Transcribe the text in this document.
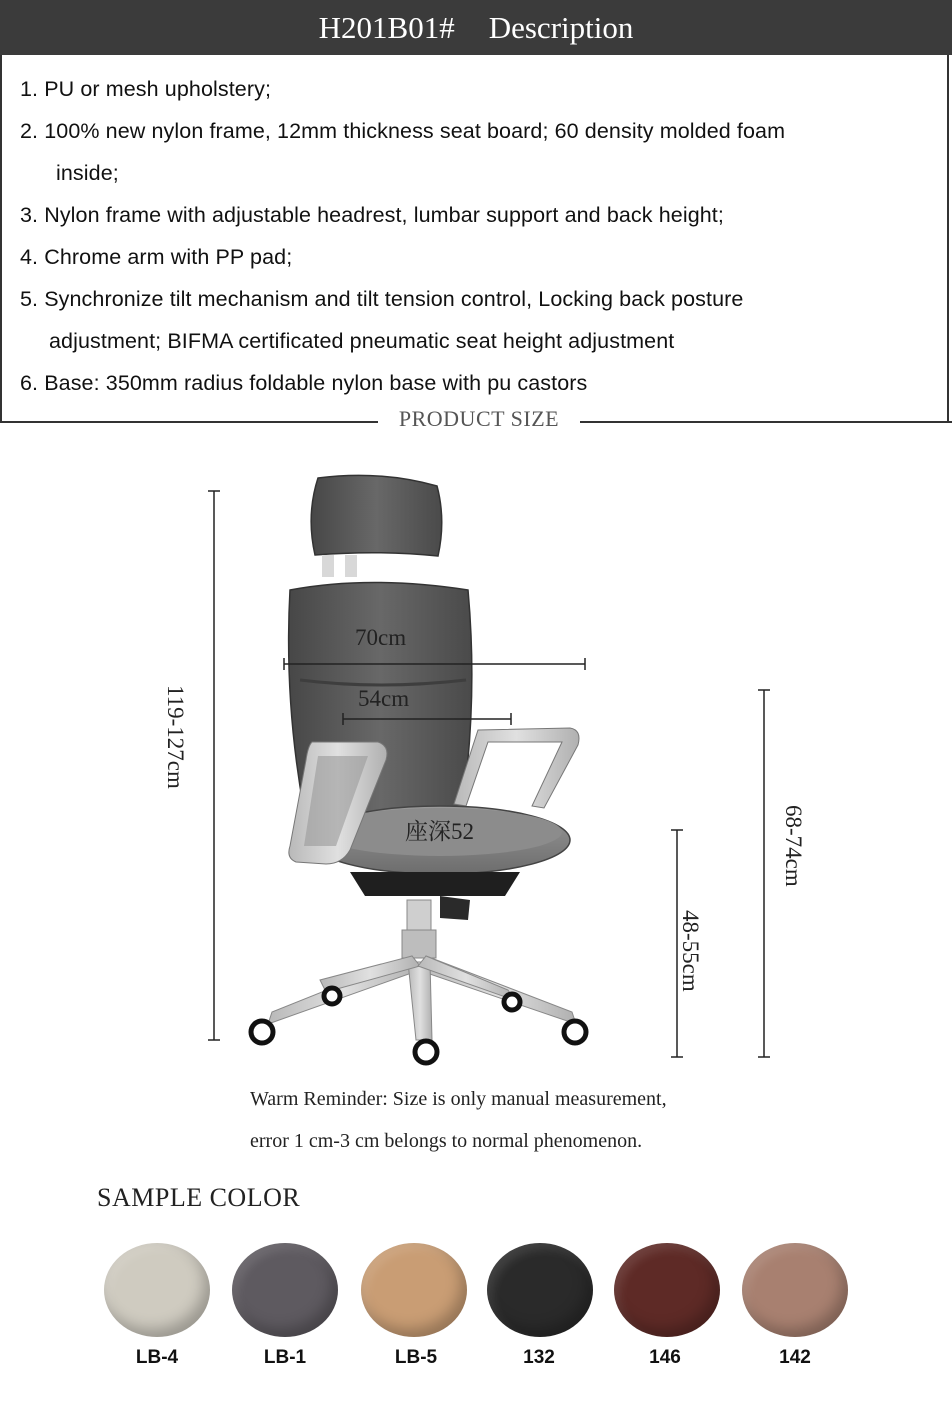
H201B01# Description
1. PU or mesh upholstery;
2. 100% new nylon frame, 12mm thickness seat board; 60 density molded foam
inside;
3. Nylon frame with adjustable headrest, lumbar support and back height;
4. Chrome arm with PP pad;
5. Synchronize tilt mechanism and tilt tension control, Locking back posture
adjustment; BIFMA certificated pneumatic seat height adjustment
6. Base: 350mm radius foldable nylon base with pu castors
PRODUCT SIZE
119-127cm
70cm
54cm
座深52	68-74cm
48-55cm
Warm Reminder: Size is only manual measurement,
error 1 cm-3 cm belongs to normal phenomenon.
SAMPLE COLOR
LB-4	LB-1	LB-5	132	146	142
